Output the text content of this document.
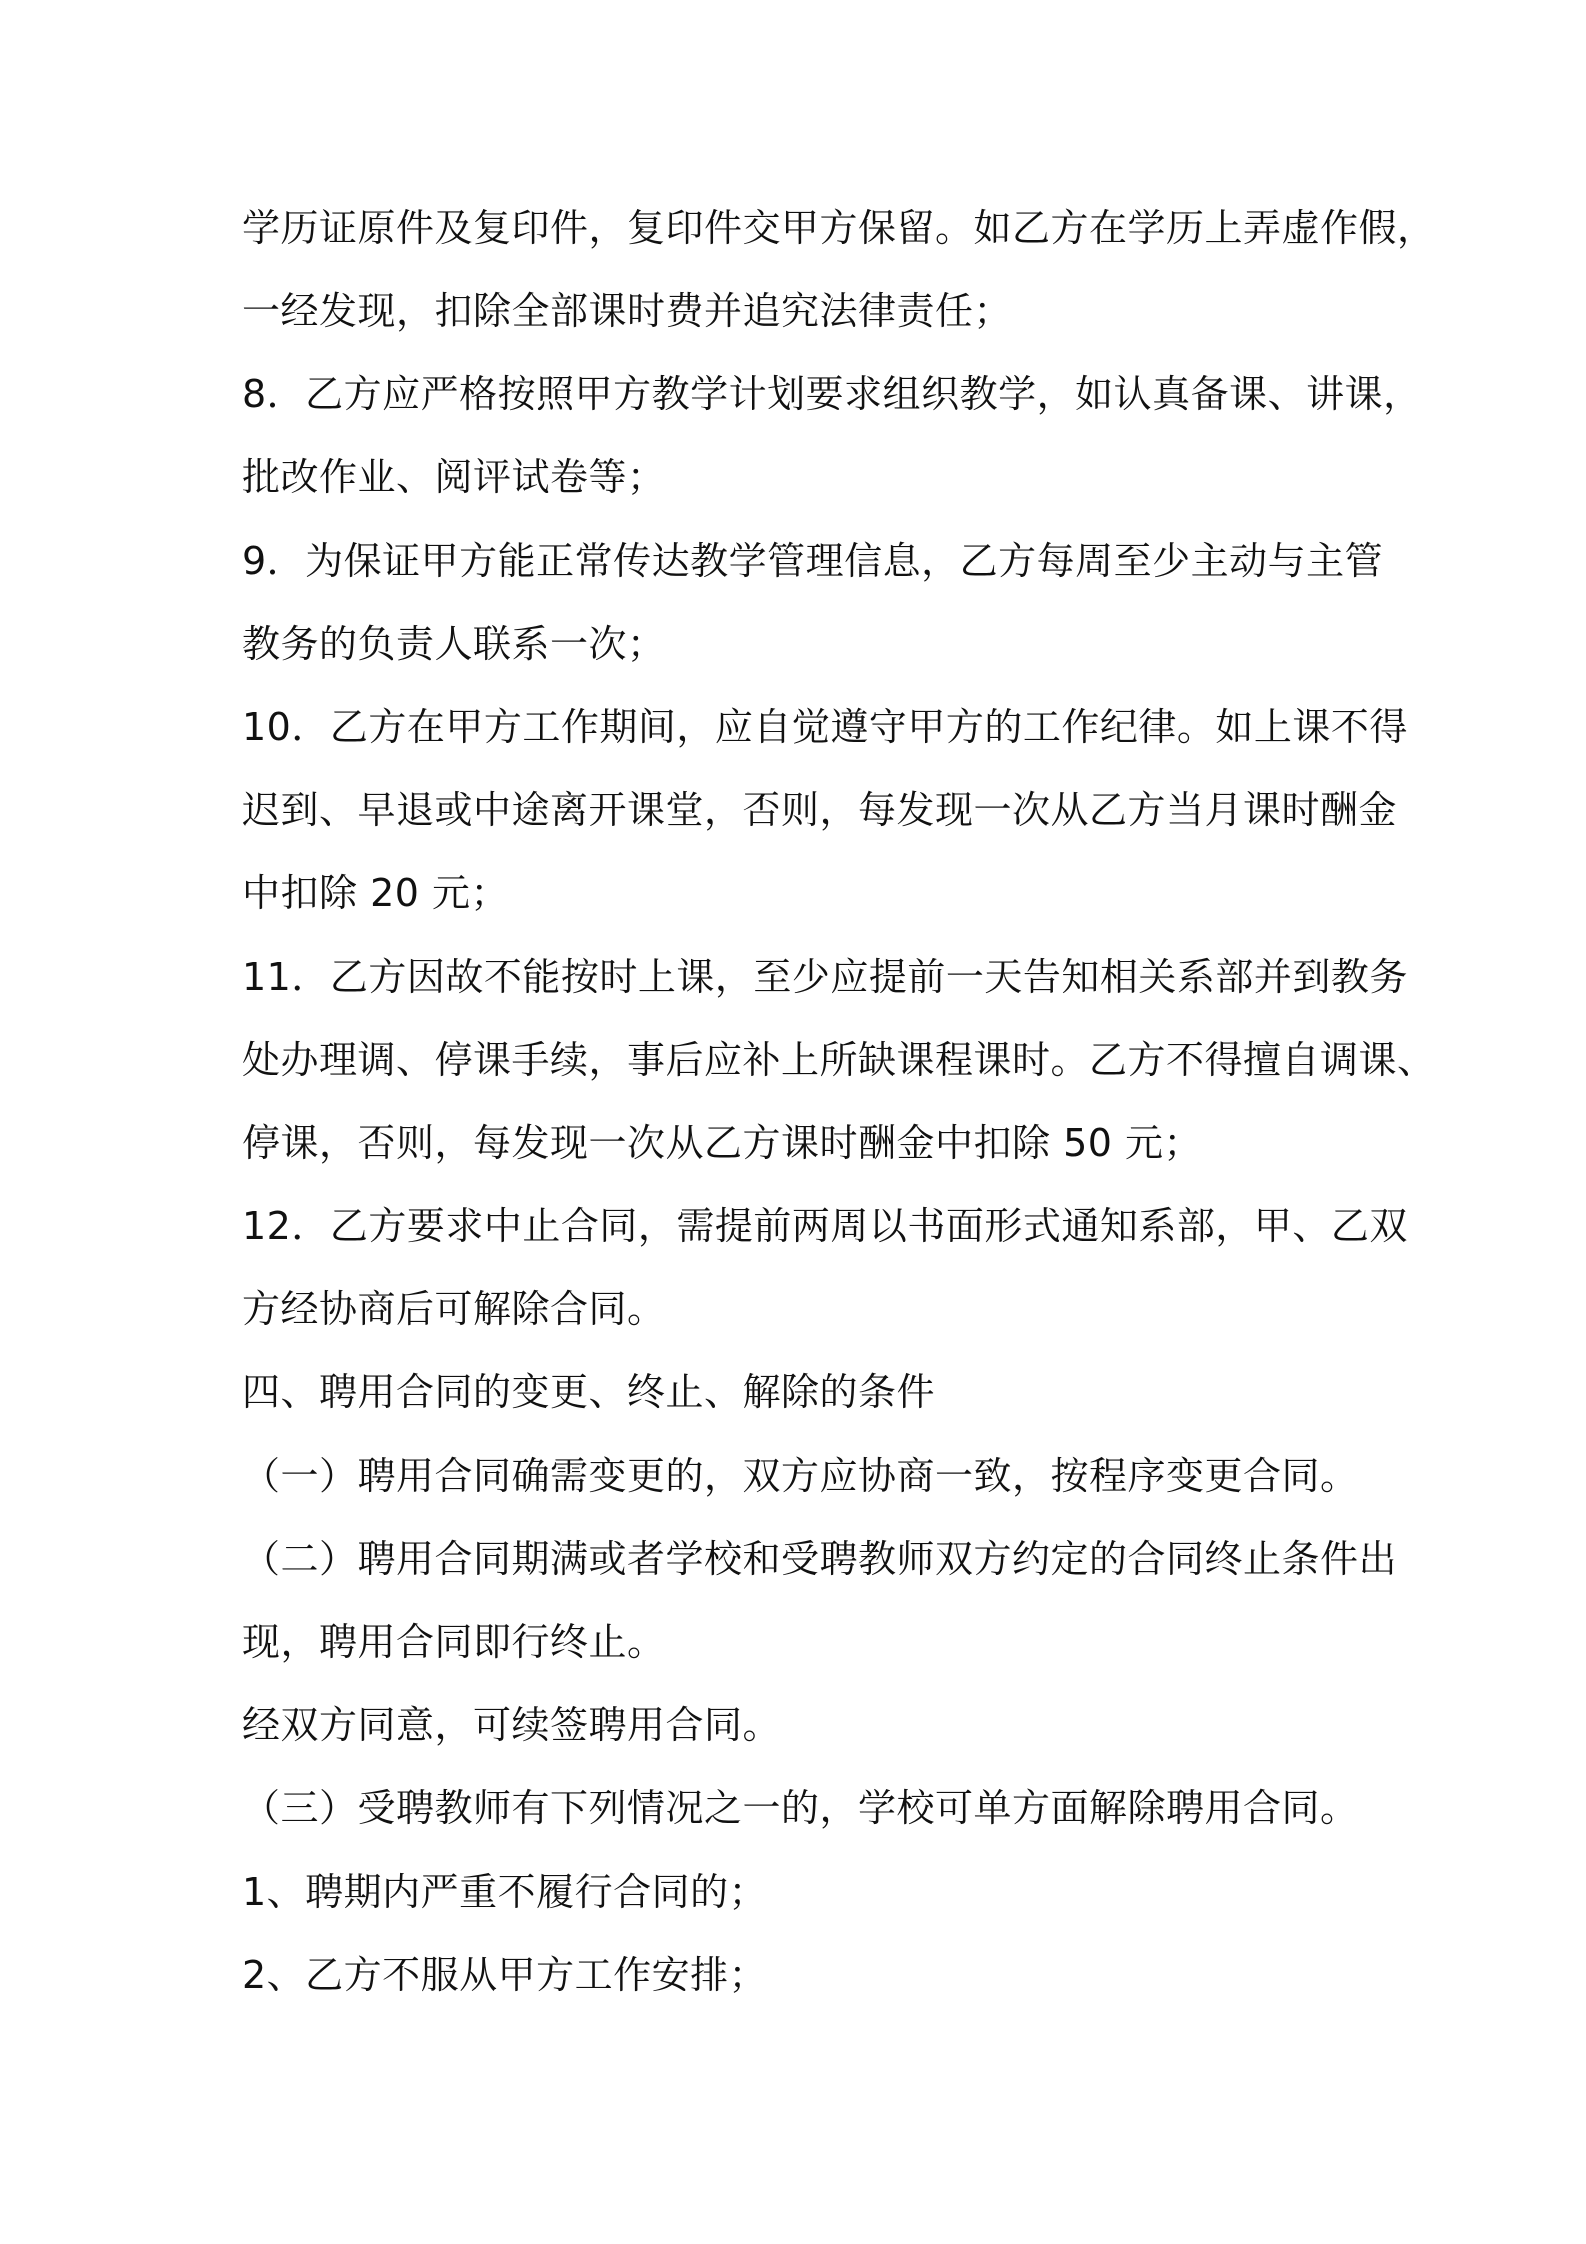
学历证原件及复印件，复印件交甲方保留。如乙方在学历上弄虚作假，
一经发现，扣除全部课时费并追究法律责任；
8．乙方应严格按照甲方教学计划要求组织教学，如认真备课、讲课，
批改作业、阅评试卷等；
9．为保证甲方能正常传达教学管理信息，乙方每周至少主动与主管
教务的负责人联系一次；
10．乙方在甲方工作期间，应自觉遵守甲方的工作纪律。如上课不得
迟到、早退或中途离开课堂，否则，每发现一次从乙方当月课时酬金
中扣除 20 元；
11．乙方因故不能按时上课，至少应提前一天告知相关系部并到教务
处办理调、停课手续，事后应补上所缺课程课时。乙方不得擅自调课、
停课，否则，每发现一次从乙方课时酬金中扣除 50 元；
12．乙方要求中止合同，需提前两周以书面形式通知系部，甲、乙双
方经协商后可解除合同。
四、聘用合同的变更、终止、解除的条件
（一）聘用合同确需变更的，双方应协商一致，按程序变更合同。
（二）聘用合同期满或者学校和受聘教师双方约定的合同终止条件出
现，聘用合同即行终止。
经双方同意，可续签聘用合同。
（三）受聘教师有下列情况之一的，学校可单方面解除聘用合同。
1、聘期内严重不履行合同的；
2、乙方不服从甲方工作安排；
